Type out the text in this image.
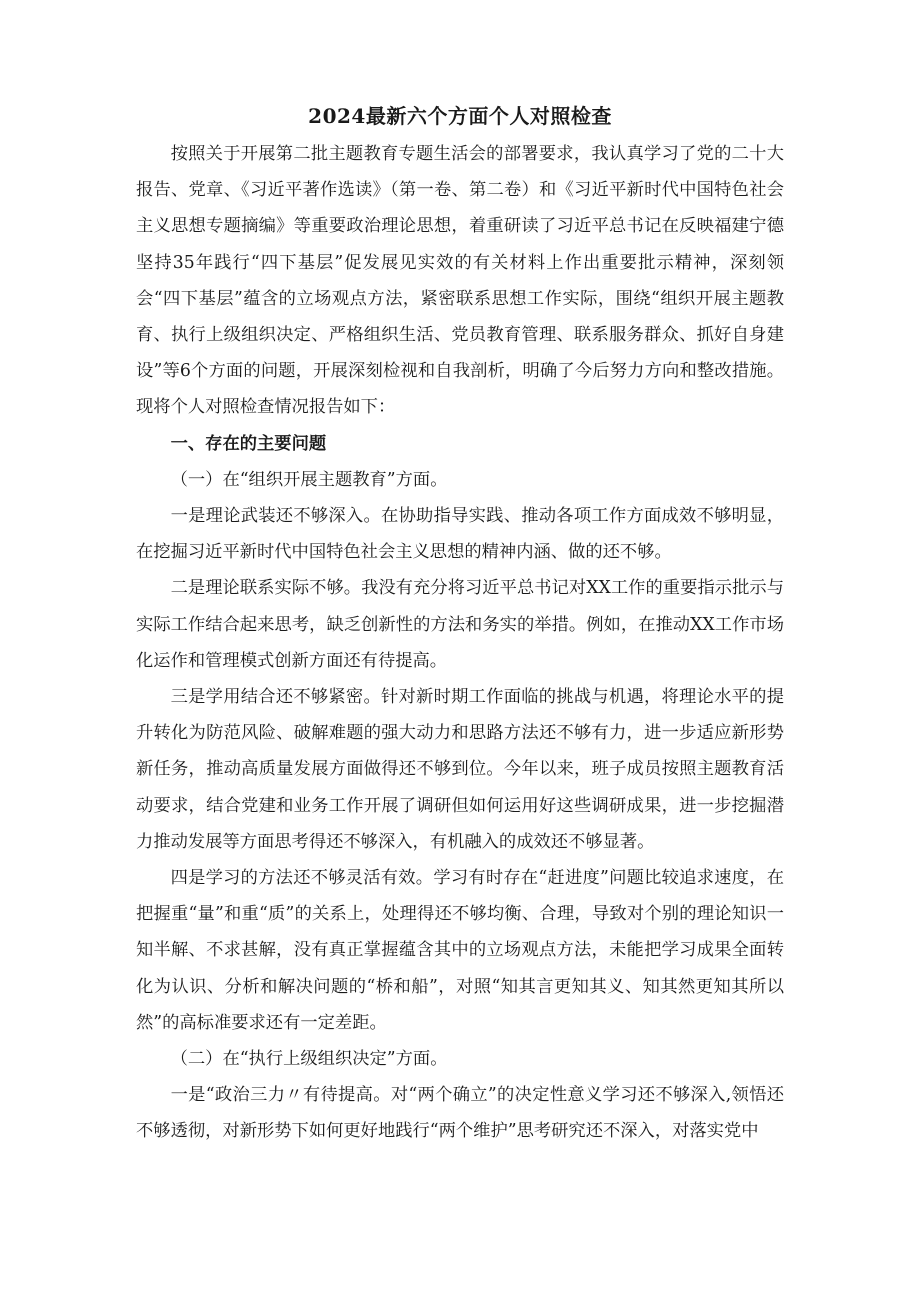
2024最新六个方面个人对照检查

按照关于开展第二批主题教育专题生活会的部署要求，我认真学习了党的二十大报告、党章、《习近平著作选读》（第一卷、第二卷）和《习近平新时代中国特色社会主义思想专题摘编》等重要政治理论思想，着重研读了习近平总书记在反映福建宁德坚持35年践行“四下基层”促发展见实效的有关材料上作出重要批示精神，深刻领会“四下基层”蕴含的立场观点方法，紧密联系思想工作实际，围绕“组织开展主题教育、执行上级组织决定、严格组织生活、党员教育管理、联系服务群众、抓好自身建设”等6个方面的问题，开展深刻检视和自我剖析，明确了今后努力方向和整改措施。现将个人对照检查情况报告如下：

一、存在的主要问题

（一）在“组织开展主题教育”方面。

一是理论武装还不够深入。在协助指导实践、推动各项工作方面成效不够明显，在挖掘习近平新时代中国特色社会主义思想的精神内涵、做的还不够。

二是理论联系实际不够。我没有充分将习近平总书记对XX工作的重要指示批示与实际工作结合起来思考，缺乏创新性的方法和务实的举措。例如，在推动XX工作市场化运作和管理模式创新方面还有待提高。

三是学用结合还不够紧密。针对新时期工作面临的挑战与机遇，将理论水平的提升转化为防范风险、破解难题的强大动力和思路方法还不够有力，进一步适应新形势新任务，推动高质量发展方面做得还不够到位。今年以来，班子成员按照主题教育活动要求，结合党建和业务工作开展了调研但如何运用好这些调研成果，进一步挖掘潜力推动发展等方面思考得还不够深入，有机融入的成效还不够显著。

四是学习的方法还不够灵活有效。学习有时存在“赶进度”问题比较追求速度，在把握重“量”和重“质”的关系上，处理得还不够均衡、合理，导致对个别的理论知识一知半解、不求甚解，没有真正掌握蕴含其中的立场观点方法，未能把学习成果全面转化为认识、分析和解决问题的“桥和船”，对照“知其言更知其义、知其然更知其所以然”的高标准要求还有一定差距。

（二）在“执行上级组织决定”方面。

一是“政治三力〃有待提高。对“两个确立”的决定性意义学习还不够深入,领悟还不够透彻，对新形势下如何更好地践行“两个维护”思考研究还不深入，对落实党中
